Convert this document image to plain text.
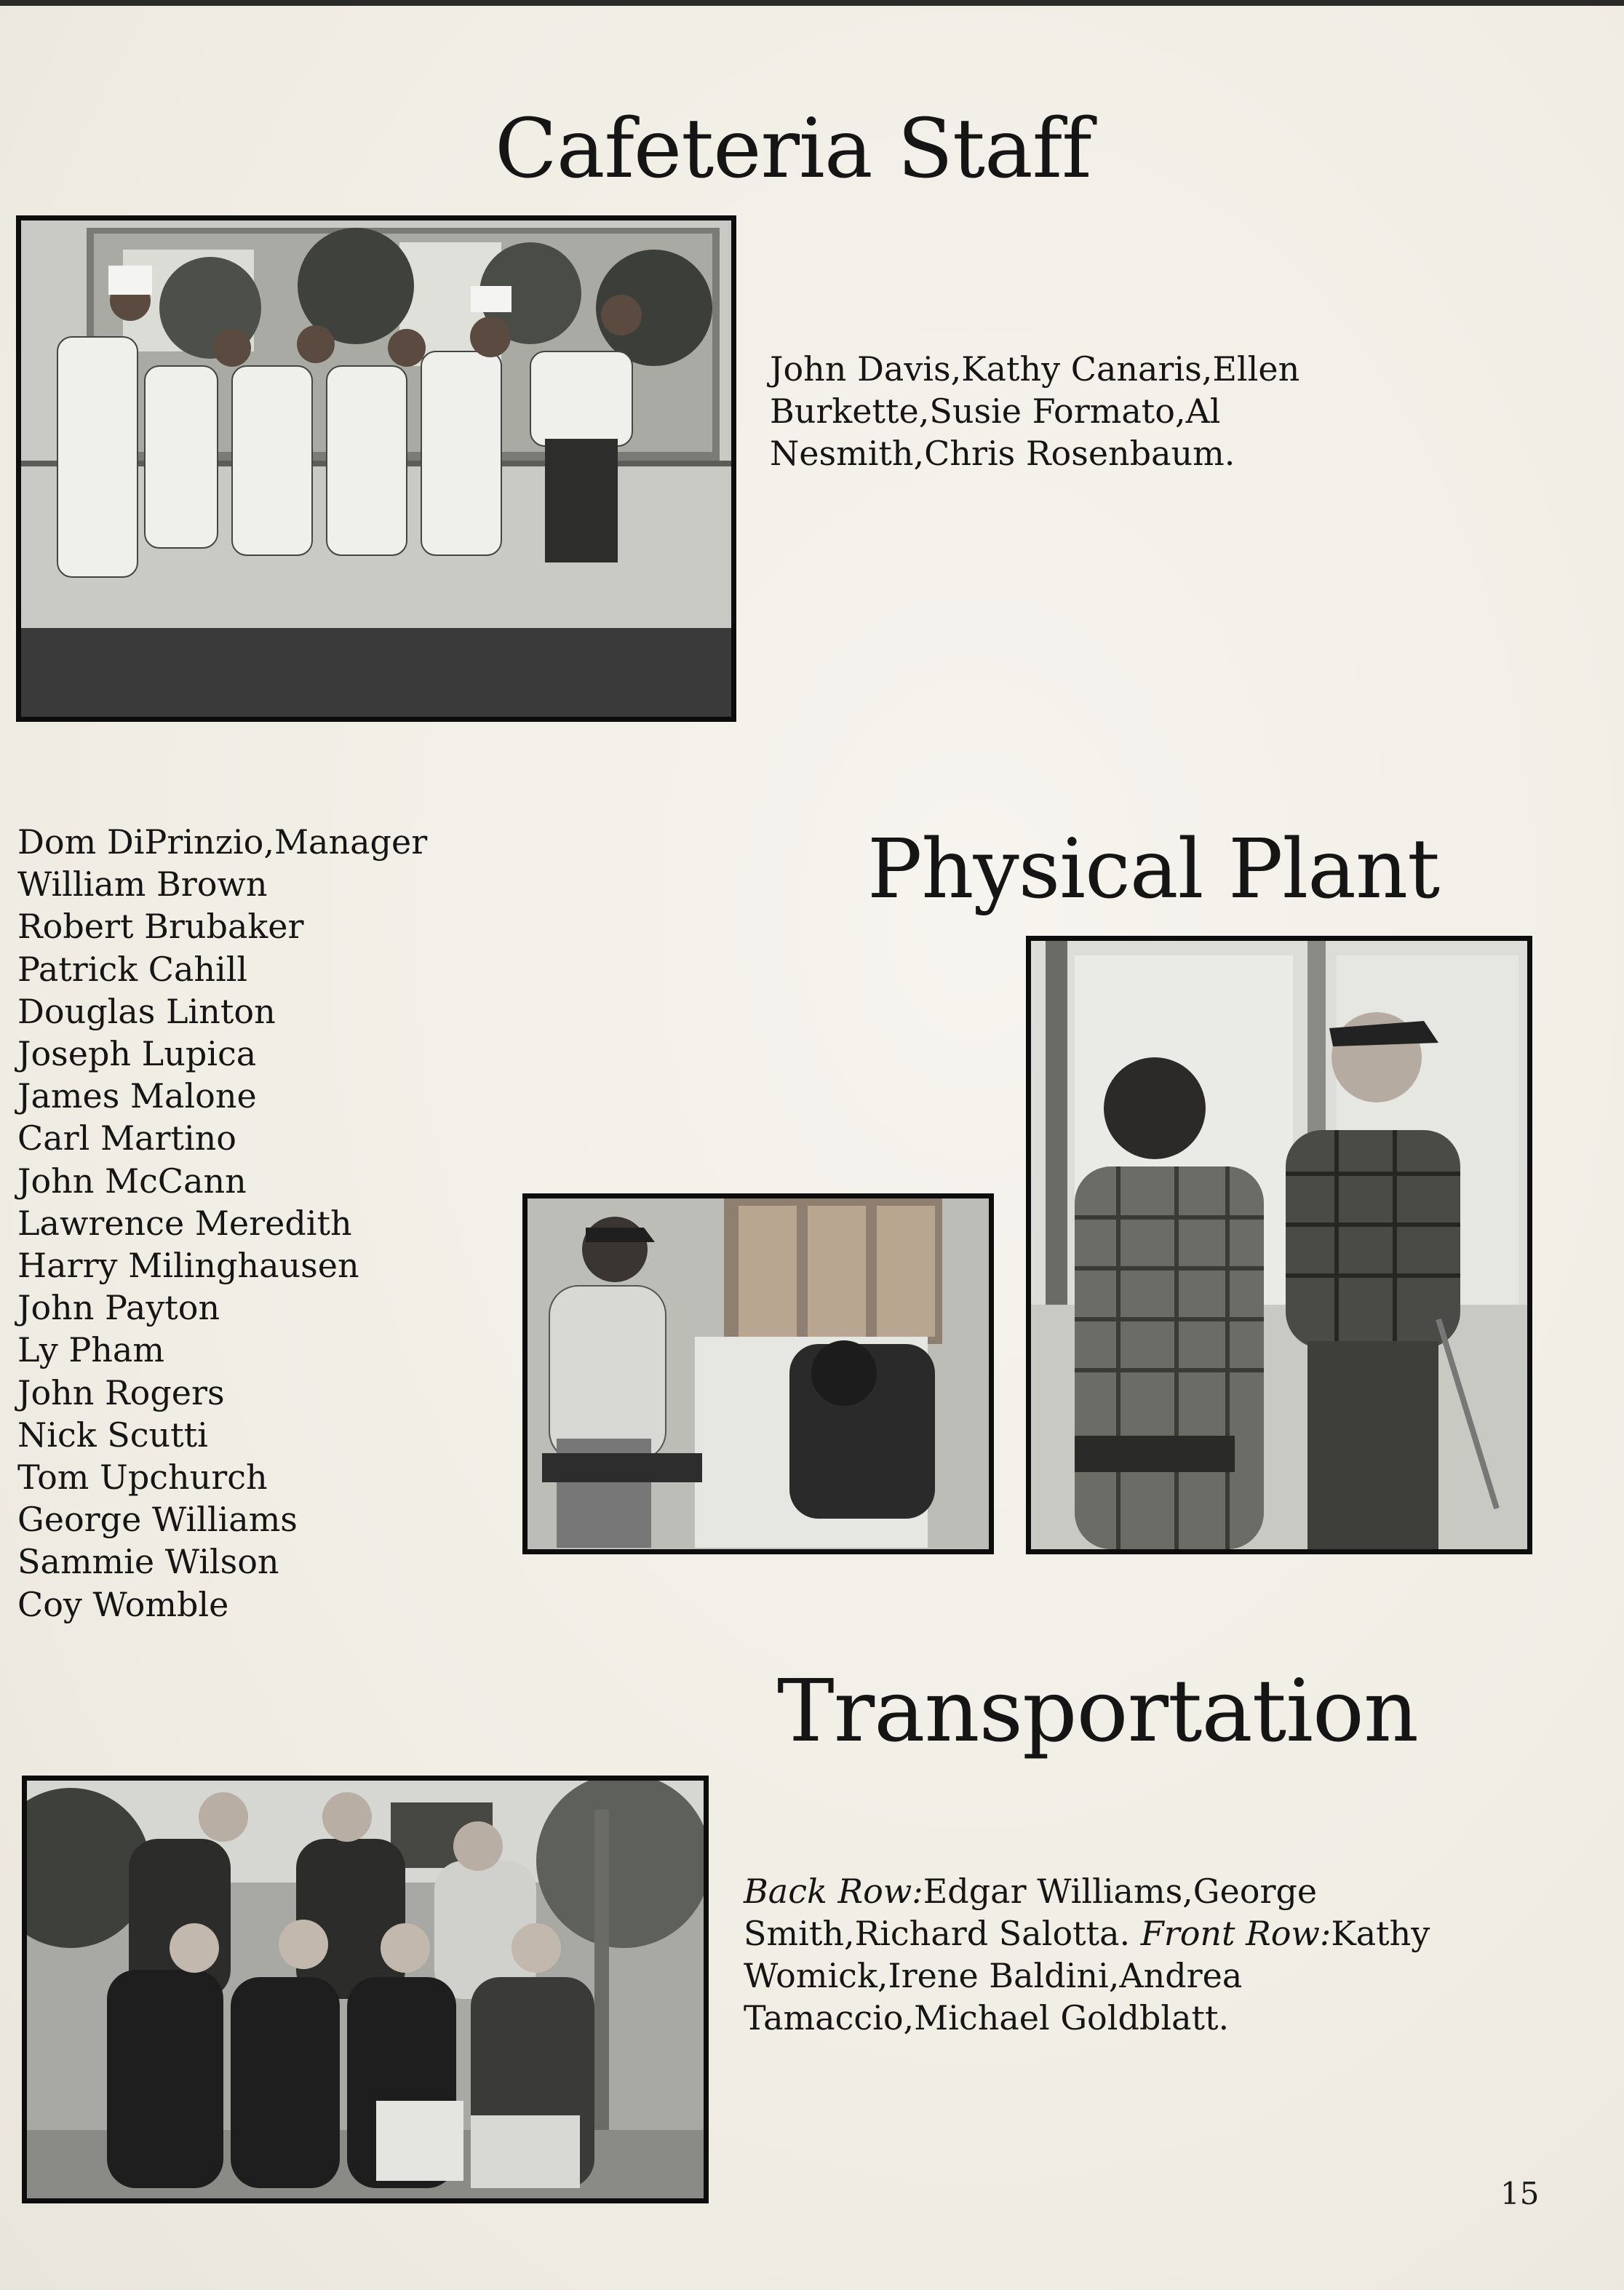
Cafeteria Staff
John Davis,Kathy Canaris,Ellen Burkette,Susie Formato,Al Nesmith,Chris Rosenbaum.
Dom DiPrinzio,Manager
William Brown
Robert Brubaker
Patrick Cahill
Douglas Linton
Joseph Lupica
James Malone
Carl Martino
John McCann
Lawrence Meredith
Harry Milinghausen
John Payton
Ly Pham
John Rogers
Nick Scutti
Tom Upchurch
George Williams
Sammie Wilson
Coy Womble
Physical Plant
Transportation
Back Row:Edgar Williams,George Smith,Richard Salotta. Front Row:Kathy Womick,Irene Baldini,Andrea Tamaccio,Michael Goldblatt.
15
